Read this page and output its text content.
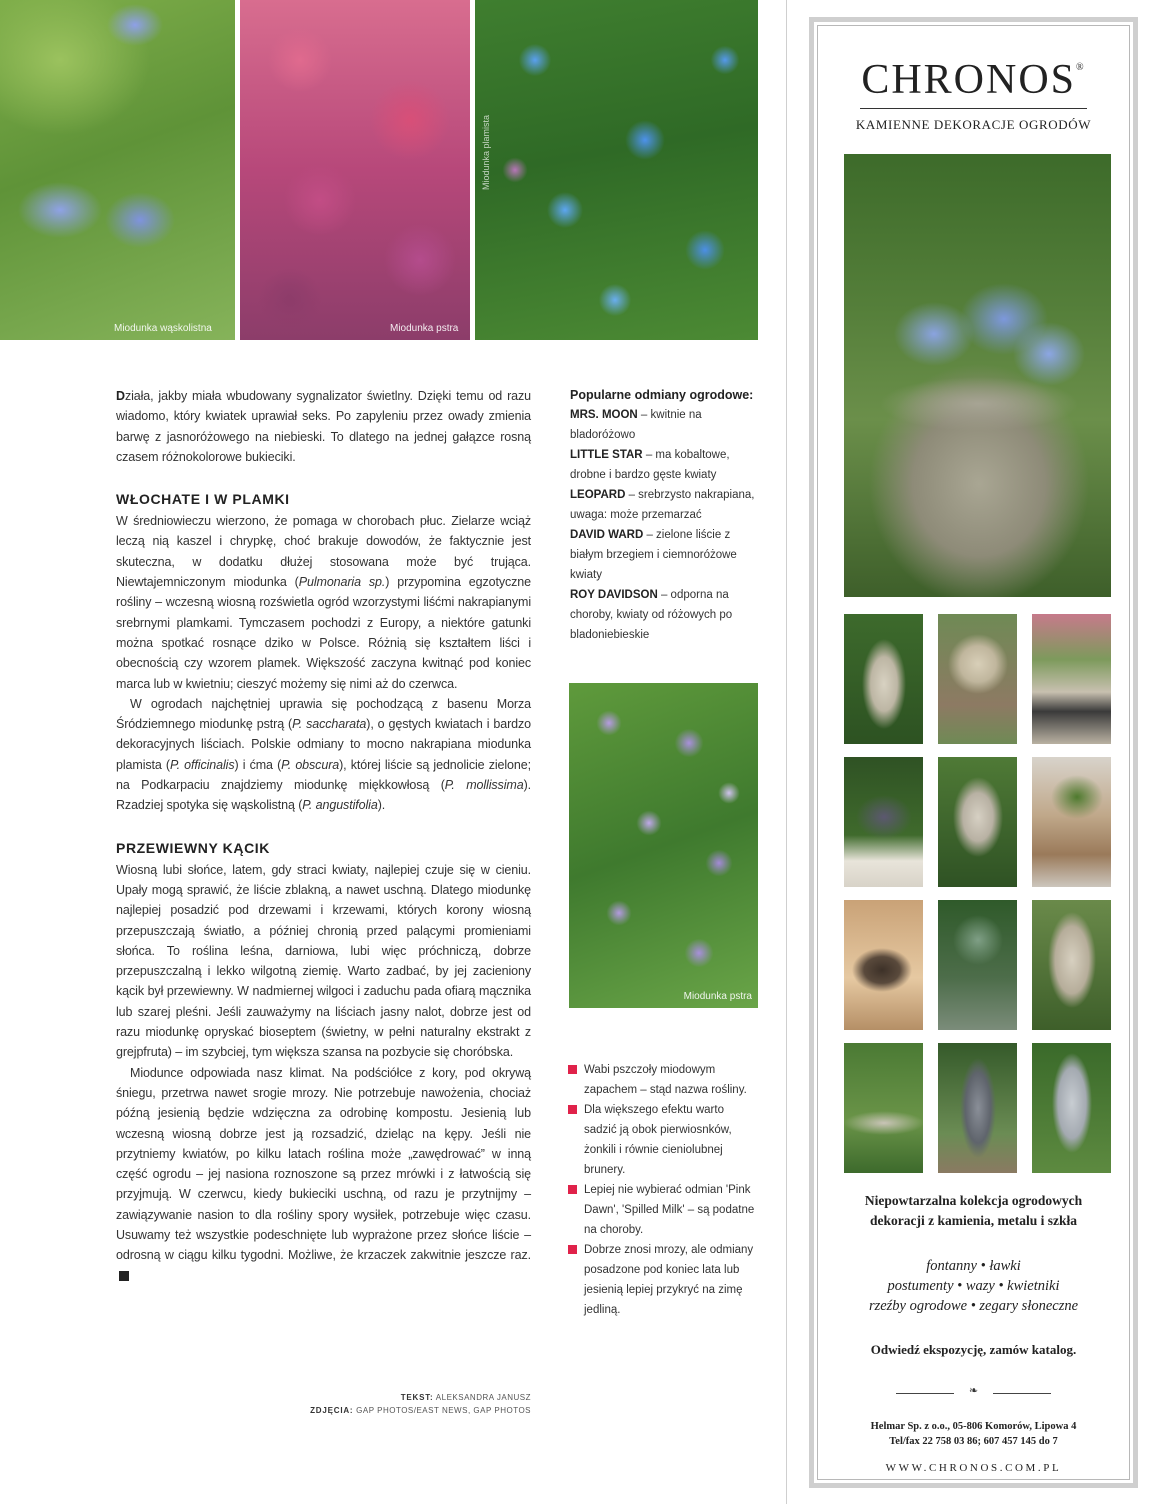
Miodunka wąskolistna	Miodunka pstra
Miodunka plamista

Działa, jakby miała wbudowany sygnalizator świetlny. Dzięki temu od razu wiadomo, który kwiatek uprawiał seks. Po zapyleniu przez owady zmienia barwę z jasnoróżowego na niebieski. To dlatego na jednej gałązce rosną czasem różnokolorowe bukieciki.

WŁOCHATE I W PLAMKI

W średniowieczu wierzono, że pomaga w chorobach płuc. Zielarze wciąż leczą nią kaszel i chrypkę, choć brakuje dowodów, że faktycznie jest skuteczna, w dodatku dłużej stosowana może być trująca. Niewtajemniczonym miodunka (Pulmonaria sp.) przypomina egzotyczne rośliny – wczesną wiosną rozświetla ogród wzorzystymi liśćmi nakrapianymi srebrnymi plamkami. Tymczasem pochodzi z Europy, a niektóre gatunki można spotkać rosnące dziko w Polsce. Różnią się kształtem liści i obecnością czy wzorem plamek. Większość zaczyna kwitnąć pod koniec marca lub w kwietniu; cieszyć możemy się nimi aż do czerwca.

W ogrodach najchętniej uprawia się pochodzącą z basenu Morza Śródziemnego miodunkę pstrą (P. saccharata), o gęstych kwiatach i bardzo dekoracyjnych liściach. Polskie odmiany to mocno nakrapiana miodunka plamista (P. officinalis) i ćma (P. obscura), której liście są jednolicie zielone; na Podkarpaciu znajdziemy miodunkę miękkowłosą (P. mollissima). Rzadziej spotyka się wąskolistną (P. angustifolia).

PRZEWIEWNY KĄCIK

Wiosną lubi słońce, latem, gdy straci kwiaty, najlepiej czuje się w cieniu. Upały mogą sprawić, że liście zblakną, a nawet uschną. Dlatego miodunkę najlepiej posadzić pod drzewami i krzewami, których korony wiosną przepuszczają światło, a później chronią przed palącymi promieniami słońca. To roślina leśna, darniowa, lubi więc próchniczą, dobrze przepuszczalną i lekko wilgotną ziemię. Warto zadbać, by jej zacieniony kącik był przewiewny. W nadmiernej wilgoci i zaduchu pada ofiarą mącznika lub szarej pleśni. Jeśli zauważymy na liściach jasny nalot, dobrze jest od razu miodunkę opryskać bioseptem (świetny, w pełni naturalny ekstrakt z grejpfruta) – im szybciej, tym większa szansa na pozbycie się choróbska.

Miodunce odpowiada nasz klimat. Na podściółce z kory, pod okrywą śniegu, przetrwa nawet srogie mrozy. Nie potrzebuje nawożenia, chociaż późną jesienią będzie wdzięczna za odrobinę kompostu. Jesienią lub wczesną wiosną dobrze jest ją rozsadzić, dzieląc na kępy. Jeśli nie przytniemy kwiatów, po kilku latach roślina może „zawędrować” w inną część ogrodu – jej nasiona roznoszone są przez mrówki i z łatwością się przyjmują. W czerwcu, kiedy bukieciki uschną, od razu je przytnijmy – zawiązywanie nasion to dla rośliny spory wysiłek, potrzebuje więc czasu. Usuwamy też wszystkie podeschnięte lub wyprażone przez słońce liście – odrosną w ciągu kilku tygodni. Możliwe, że krzaczek zakwitnie jeszcze raz.

TEKST: ALEKSANDRA JANUSZ
ZDJĘCIA: GAP PHOTOS/EAST NEWS, GAP PHOTOS
Popularne odmiany ogrodowe:
MRS. MOON – kwitnie na bladoróżowo
LITTLE STAR – ma kobaltowe, drobne i bardzo gęste kwiaty
LEOPARD – srebrzysto nakrapiana, uwaga: może przemarzać
DAVID WARD – zielone liście z białym brzegiem i ciemnoróżowe kwiaty
ROY DAVIDSON – odporna na choroby, kwiaty od różowych po bladoniebieskie
Miodunka pstra
Wabi pszczoły miodowym zapachem – stąd nazwa rośliny.
Dla większego efektu warto sadzić ją obok pierwiosnków, żonkili i równie cieniolubnej brunery.
Lepiej nie wybierać odmian 'Pink Dawn', 'Spilled Milk' – są podatne na choroby.
Dobrze znosi mrozy, ale odmiany posadzone pod koniec lata lub jesienią lepiej przykryć na zimę jedliną.
CHRONOS®
KAMIENNE DEKORACJE OGRODÓW
Niepowtarzalna kolekcja ogrodowych
dekoracji z kamienia, metalu i szkła
fontanny • ławki
postumenty • wazy • kwietniki
rzeźby ogrodowe • zegary słoneczne
Odwiedź ekspozycję, zamów katalog.
❧
Helmar Sp. z o.o., 05-806 Komorów, Lipowa 4
Tel/fax 22 758 03 86; 607 457 145 do 7
WWW.CHRONOS.COM.PL
